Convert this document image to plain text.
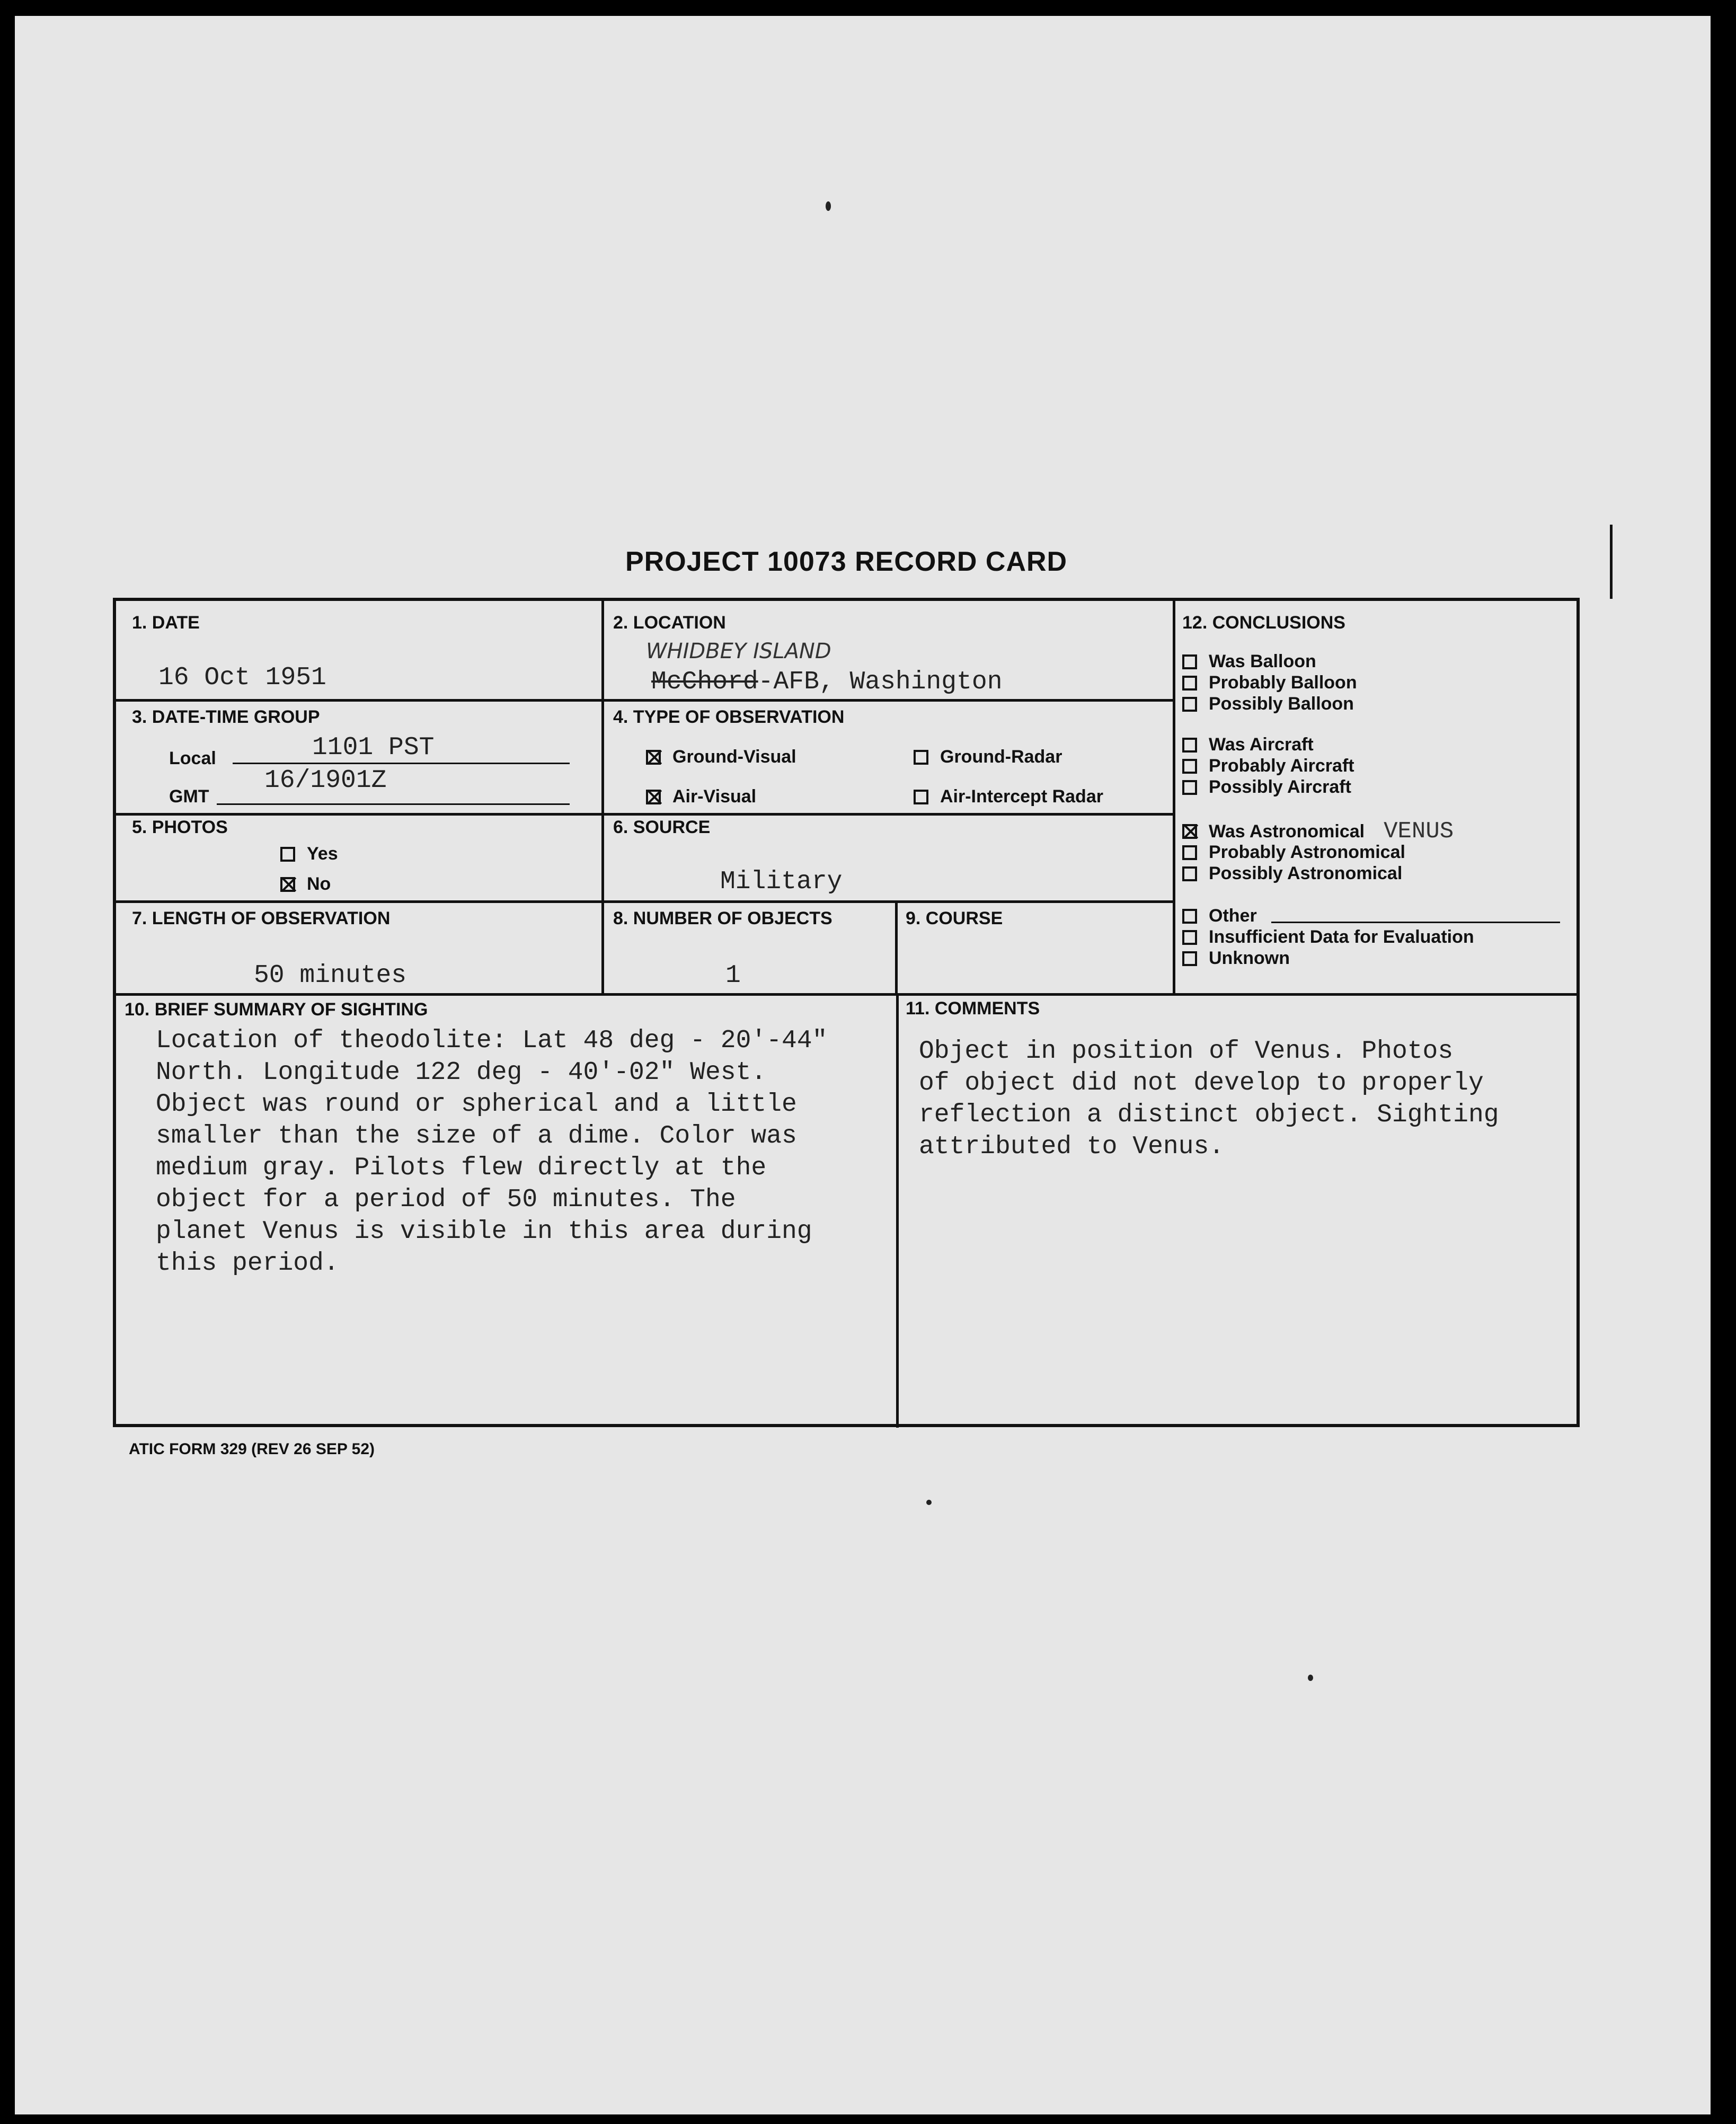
PROJECT 10073 RECORD CARD
1. DATE
16 Oct 1951
2. LOCATION
WHIDBEY ISLAND
McChord-AFB, Washington
3. DATE-TIME GROUP
Local	1101 PST
GMT
16/1901Z
4. TYPE OF OBSERVATION
Ground-Visual	Ground-Radar
Air-Visual	Air-Intercept Radar
5. PHOTOS
Yes
No
6. SOURCE
Military
7. LENGTH OF OBSERVATION
50 minutes
8. NUMBER OF OBJECTS
1
9. COURSE
10. BRIEF SUMMARY OF SIGHTING
Location of theodolite: Lat 48 deg - 20'-44"
North. Longitude 122 deg - 40'-02" West.
Object was round or spherical and a little
smaller than the size of a dime. Color was
medium gray. Pilots flew directly at the
object for a period of 50 minutes. The
planet Venus is visible in this area during
this period.
11. COMMENTS
Object in position of Venus. Photos
of object did not develop to properly
reflection a distinct object. Sighting
attributed to Venus.
12. CONCLUSIONS
Was Balloon
Probably Balloon
Possibly Balloon
Was Aircraft
Probably Aircraft
Possibly Aircraft
Was Astronomical VENUS
Probably Astronomical
Possibly Astronomical
Other
Insufficient Data for Evaluation
Unknown
ATIC FORM 329 (REV 26 SEP 52)
